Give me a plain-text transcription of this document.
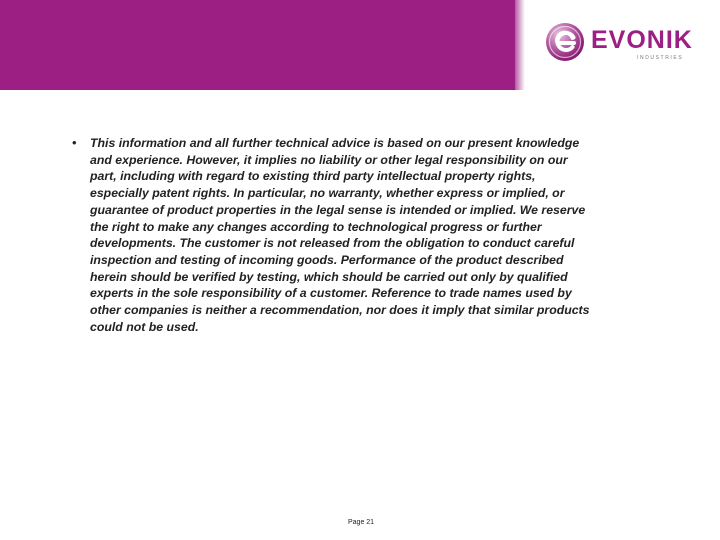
EVONIK
INDUSTRIES
• This information and all further technical advice is based on our present knowledge and experience. However, it implies no liability or other legal responsibility on our part, including with regard to existing third party intellectual property rights, especially patent rights. In particular, no warranty, whether express or implied, or guarantee of product properties in the legal sense is intended or implied. We reserve the right to make any changes according to technological progress or further developments. The customer is not released from the obligation to conduct careful inspection and testing of incoming goods. Performance of the product described herein should be verified by testing, which should be carried out only by qualified experts in the sole responsibility of a customer. Reference to trade names used by other companies is neither a recommendation, nor does it imply that similar products could not be used.

Page 21
